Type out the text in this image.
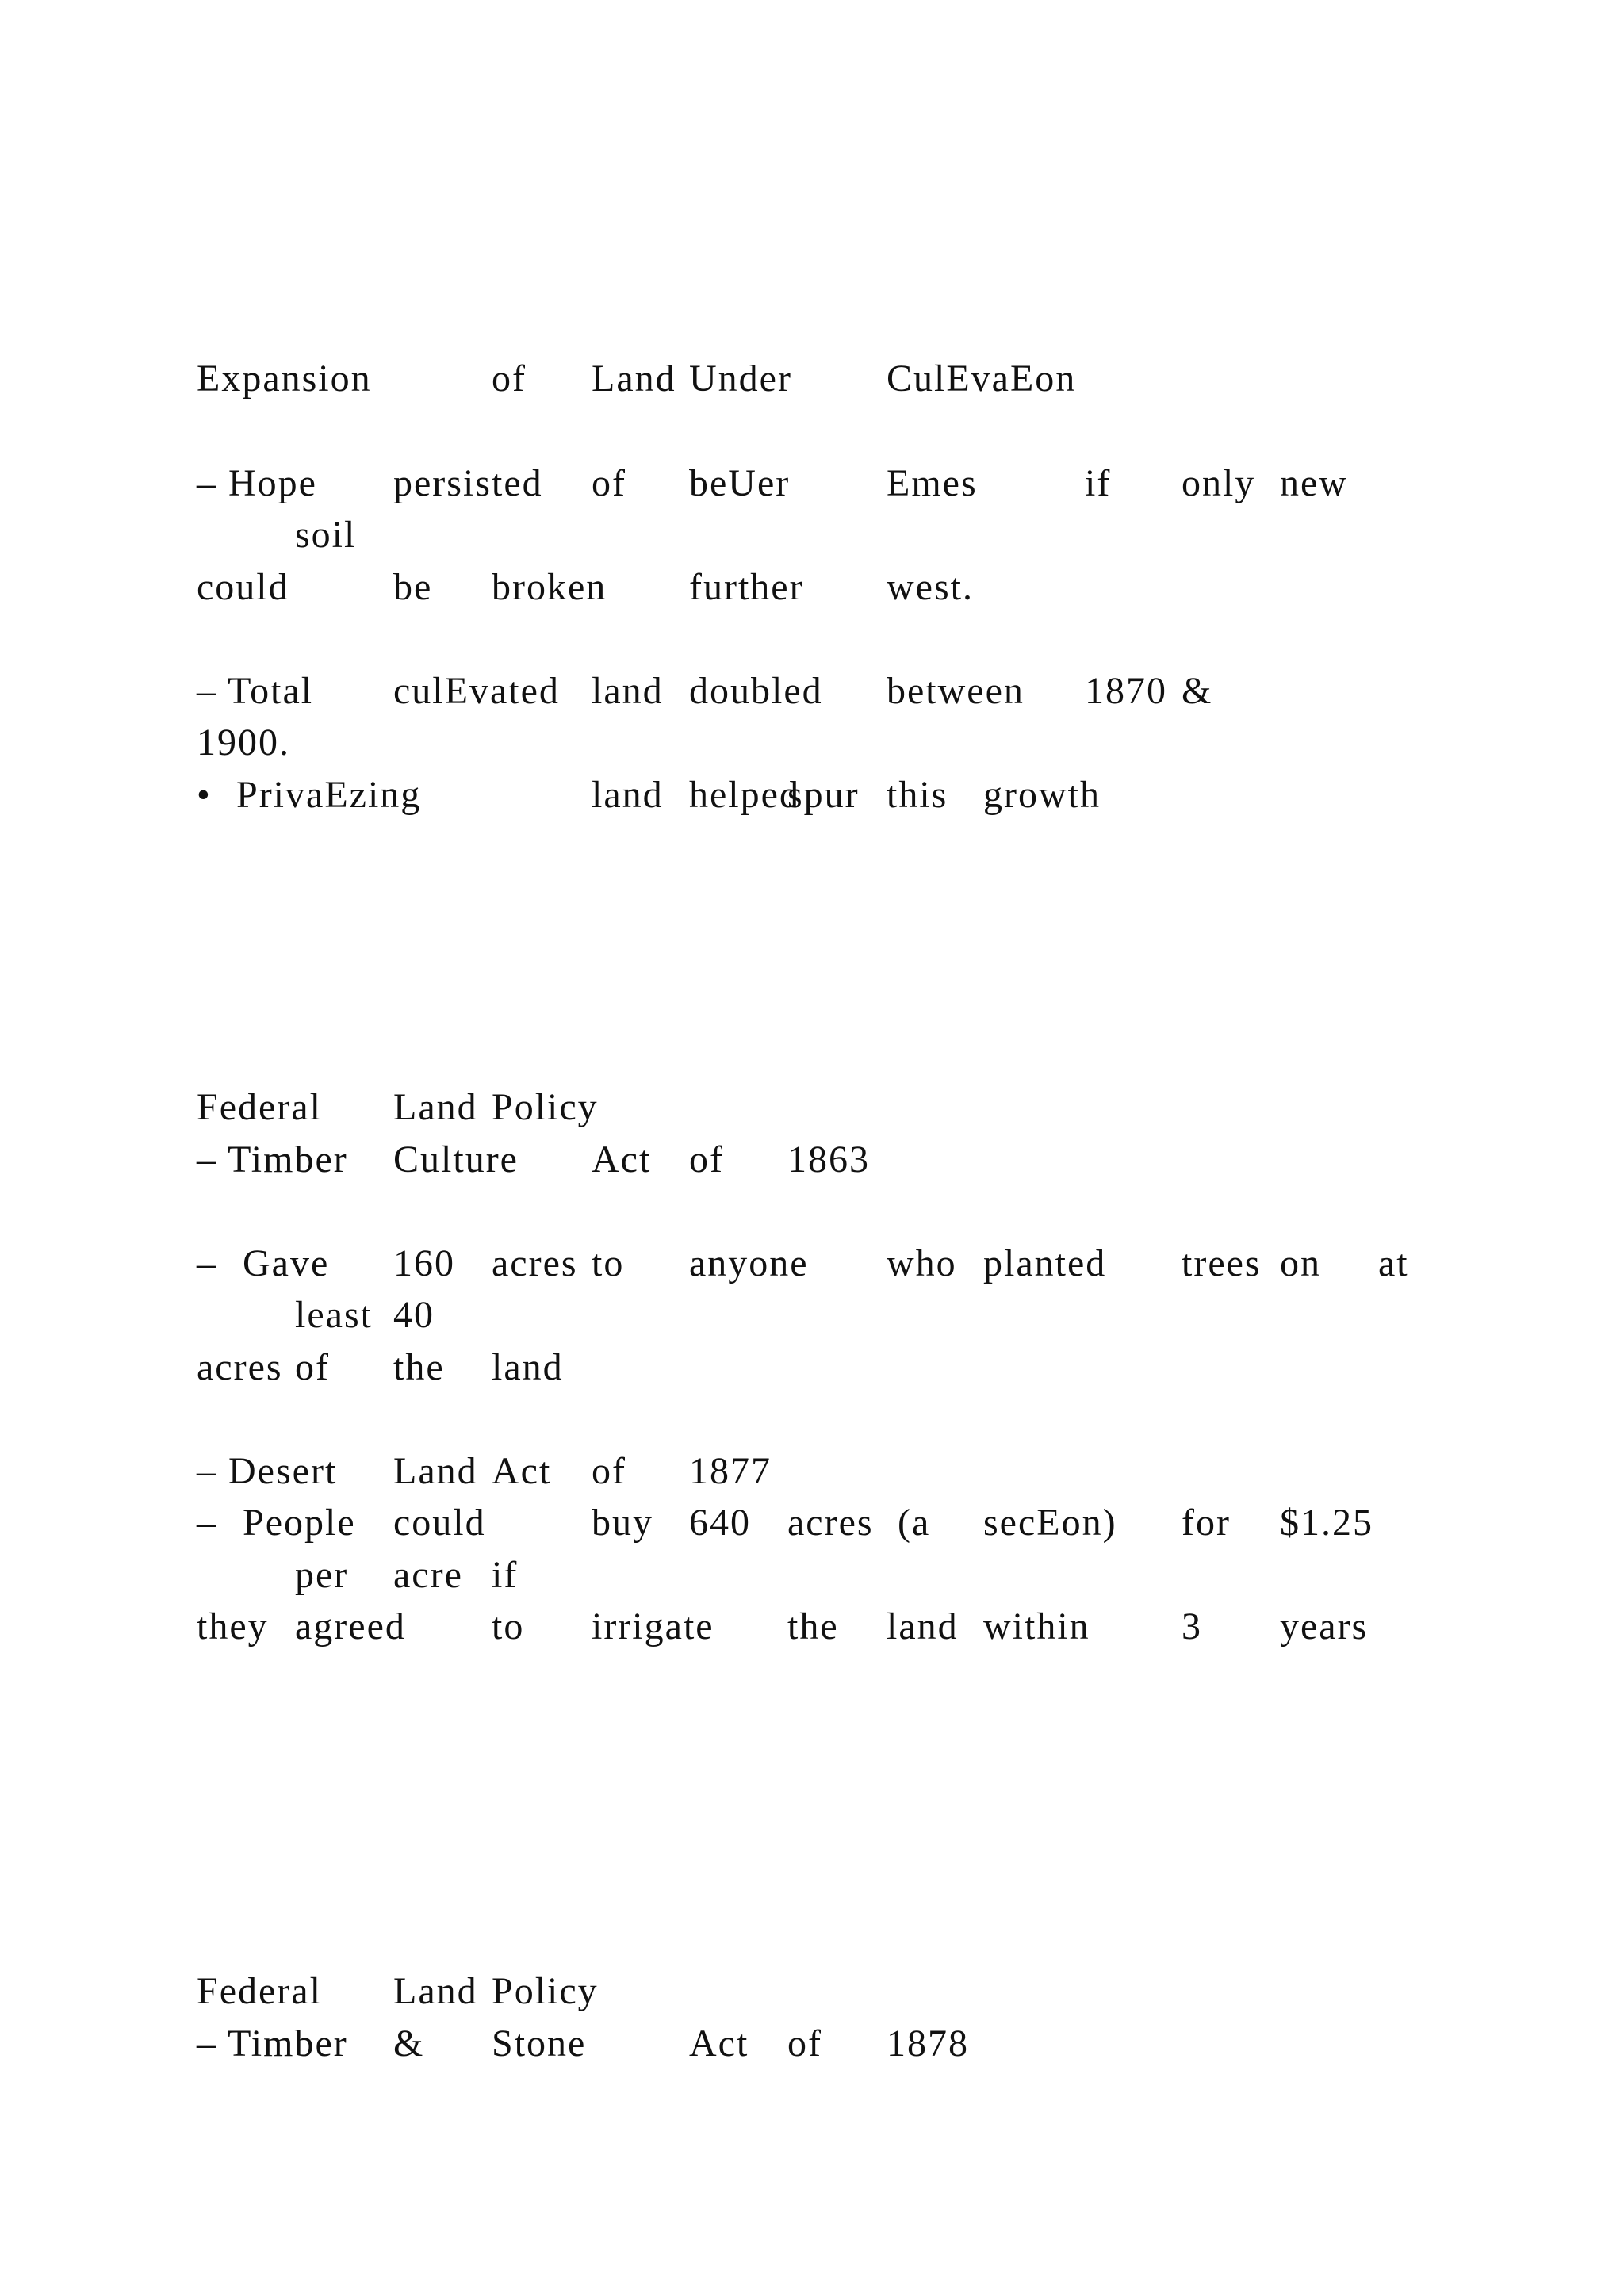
Expansion	of Land Under CulEvaEon
– Hope persisted of beUer	Emes	if only new
soil
could	be broken further west.
– Total culEvated land doubled between 1870 &
1900.
• PrivaEzing	land helped
spur this growth
Federal Land Policy
– Timber Culture Act of 1863
– Gave 160 acres to anyone who planted trees on at
least 40
acres of the land
– Desert Land Act of 1877
– People could	buy 640 acres (a secEon) for $1.25
per acre if
they agreed to irrigate the land within 3 years
Federal Land Policy
– Timber & Stone	Act of 1878
